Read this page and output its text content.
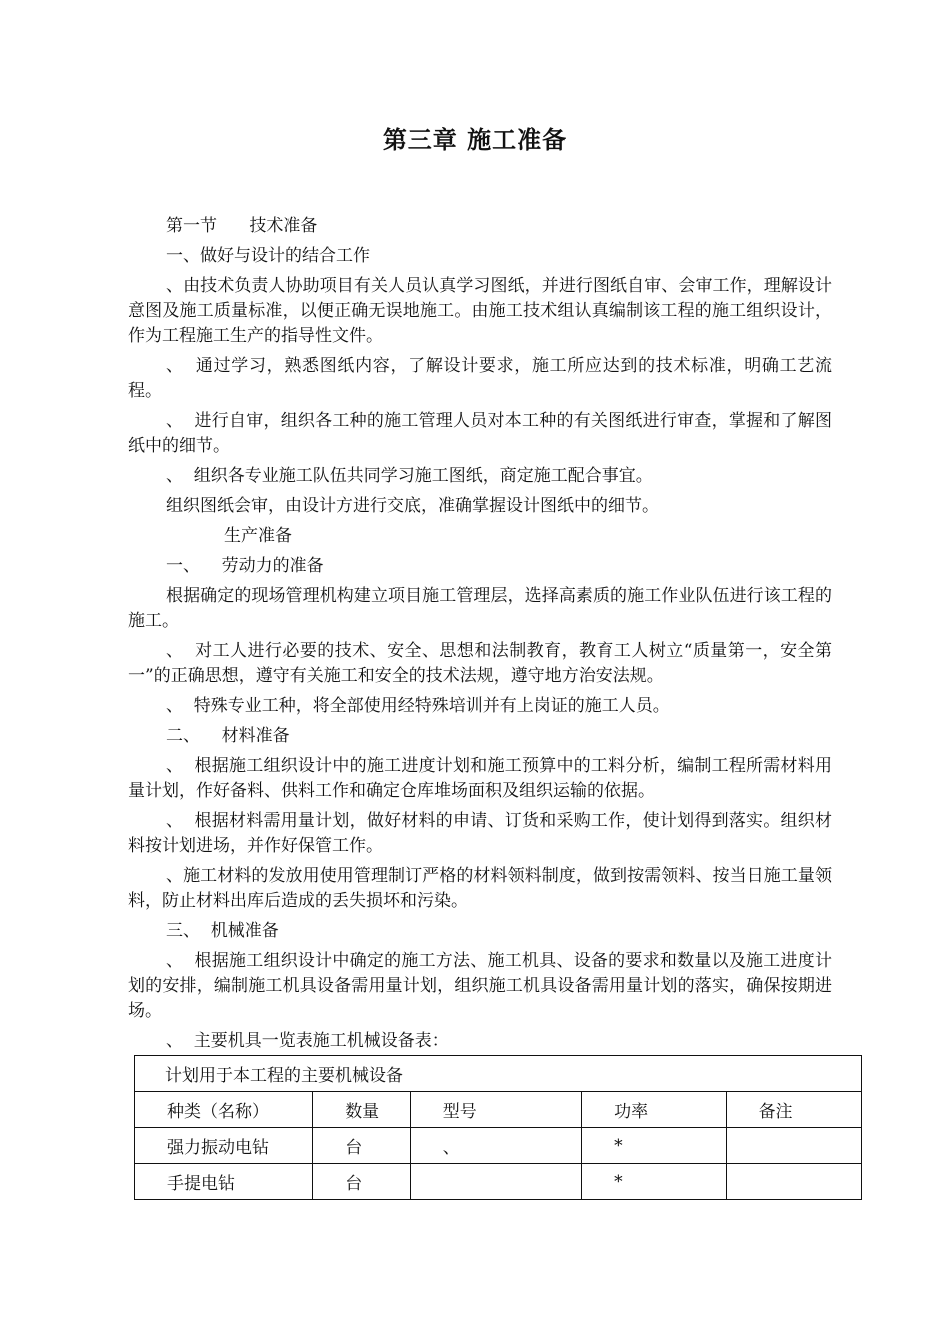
第三章 施工准备

第一节      技术准备

一、做好与设计的结合工作

、由技术负责人协助项目有关人员认真学习图纸，并进行图纸自审、会审工作，理解设计意图及施工质量标准，以便正确无误地施工。由施工技术组认真编制该工程的施工组织设计，作为工程施工生产的指导性文件。

、  通过学习，熟悉图纸内容，了解设计要求，施工所应达到的技术标准，明确工艺流程。

、  进行自审，组织各工种的施工管理人员对本工种的有关图纸进行审查，掌握和了解图纸中的细节。

、  组织各专业施工队伍共同学习施工图纸，商定施工配合事宜。

组织图纸会审，由设计方进行交底，准确掌握设计图纸中的细节。

生产准备

一、    劳动力的准备

根据确定的现场管理机构建立项目施工管理层，选择高素质的施工作业队伍进行该工程的施工。

、  对工人进行必要的技术、安全、思想和法制教育，教育工人树立“质量第一，安全第一”的正确思想，遵守有关施工和安全的技术法规，遵守地方治安法规。

、  特殊专业工种，将全部使用经特殊培训并有上岗证的施工人员。

二、    材料准备

、  根据施工组织设计中的施工进度计划和施工预算中的工料分析，编制工程所需材料用量计划，作好备料、供料工作和确定仓库堆场面积及组织运输的依据。

、  根据材料需用量计划，做好材料的申请、订货和采购工作，使计划得到落实。组织材料按计划进场，并作好保管工作。

、施工材料的发放用使用管理制订严格的材料领料制度，做到按需领料、按当日施工量领料，防止材料出库后造成的丢失损坏和污染。

三、  机械准备

、  根据施工组织设计中确定的施工方法、施工机具、设备的要求和数量以及施工进度计划的安排，编制施工机具设备需用量计划，组织施工机具设备需用量计划的落实，确保按期进场。

、  主要机具一览表施工机械设备表：

计划用于本工程的主要机械设备				
种类（名称）	数量	型号	功率	备注
强力振动电钻	台	、	*	
手提电钻	台		*	
